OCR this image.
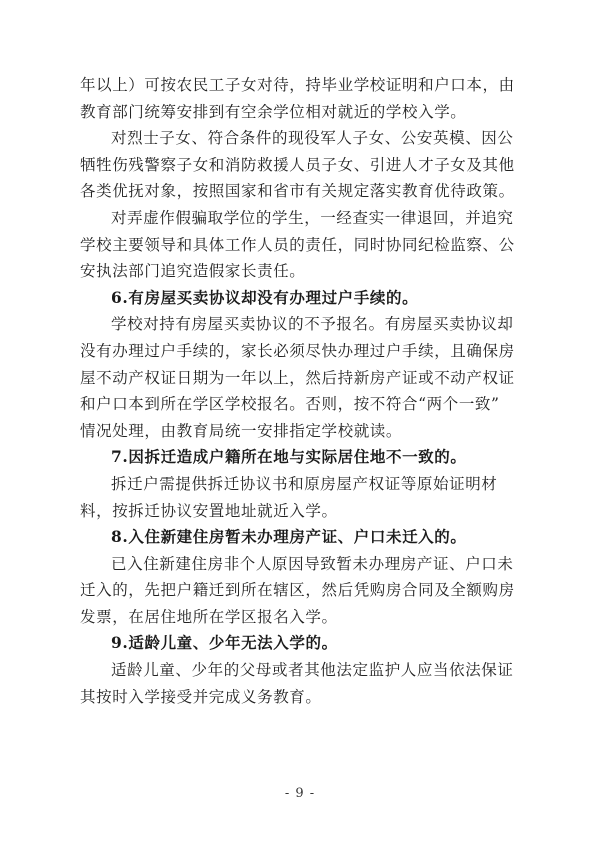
年以上）可按农民工子女对待，持毕业学校证明和户口本，由
教育部门统筹安排到有空余学位相对就近的学校入学。
对烈士子女、符合条件的现役军人子女、公安英模、因公
牺牲伤残警察子女和消防救援人员子女、引进人才子女及其他
各类优抚对象，按照国家和省市有关规定落实教育优待政策。
对弄虚作假骗取学位的学生，一经查实一律退回，并追究
学校主要领导和具体工作人员的责任，同时协同纪检监察、公
安执法部门追究造假家长责任。
6.有房屋买卖协议却没有办理过户手续的。
学校对持有房屋买卖协议的不予报名。有房屋买卖协议却
没有办理过户手续的，家长必须尽快办理过户手续，且确保房
屋不动产权证日期为一年以上，然后持新房产证或不动产权证
和户口本到所在学区学校报名。否则，按不符合“两个一致”
情况处理，由教育局统一安排指定学校就读。
7.因拆迁造成户籍所在地与实际居住地不一致的。
拆迁户需提供拆迁协议书和原房屋产权证等原始证明材
料，按拆迁协议安置地址就近入学。
8.入住新建住房暂未办理房产证、户口未迁入的。
已入住新建住房非个人原因导致暂未办理房产证、户口未
迁入的，先把户籍迁到所在辖区，然后凭购房合同及全额购房
发票，在居住地所在学区报名入学。
9.适龄儿童、少年无法入学的。
适龄儿童、少年的父母或者其他法定监护人应当依法保证
其按时入学接受并完成义务教育。
- 9 -
